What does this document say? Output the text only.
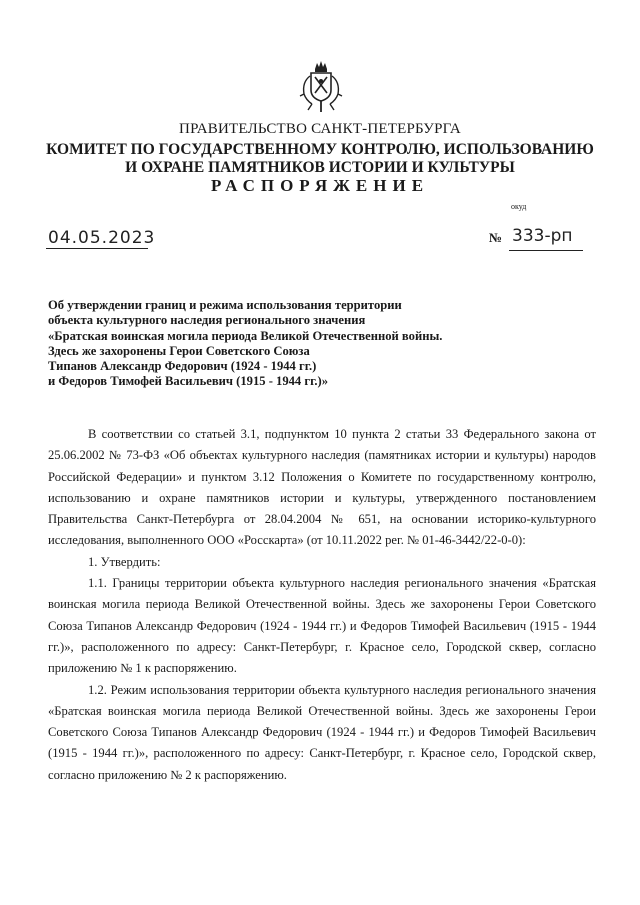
ПРАВИТЕЛЬСТВО САНКТ-ПЕТЕРБУРГА
КОМИТЕТ ПО ГОСУДАРСТВЕННОМУ КОНТРОЛЮ, ИСПОЛЬЗОВАНИЮ
И ОХРАНЕ ПАМЯТНИКОВ ИСТОРИИ И КУЛЬТУРЫ
РАСПОРЯЖЕНИЕ
окуд
04.05.2023	№ 333-рп
Об утверждении границ и режима использования территории
объекта культурного наследия регионального значения
«Братская воинская могила периода Великой Отечественной войны.
Здесь же захоронены Герои Советского Союза
Типанов Александр Федорович (1924 - 1944 гг.)
и Федоров Тимофей Васильевич (1915 - 1944 гг.)»

В соответствии со статьей 3.1, подпунктом 10 пункта 2 статьи 33 Федерального закона от 25.06.2002 № 73-ФЗ «Об объектах культурного наследия (памятниках истории и культуры) народов Российской Федерации» и пунктом 3.12 Положения о Комитете по государственному контролю, использованию и охране памятников истории и культуры, утвержденного постановлением Правительства Санкт-Петербурга от 28.04.2004 № 651, на основании историко-культурного исследования, выполненного ООО «Росскарта» (от 10.11.2022 рег. № 01-46-3442/22-0-0):

1. Утвердить:

1.1. Границы территории объекта культурного наследия регионального значения «Братская воинская могила периода Великой Отечественной войны. Здесь же захоронены Герои Советского Союза Типанов Александр Федорович (1924 - 1944 гг.) и Федоров Тимофей Васильевич (1915 - 1944 гг.)», расположенного по адресу: Санкт-Петербург, г. Красное село, Городской сквер, согласно приложению № 1 к распоряжению.

1.2. Режим использования территории объекта культурного наследия регионального значения «Братская воинская могила периода Великой Отечественной войны. Здесь же захоронены Герои Советского Союза Типанов Александр Федорович (1924 - 1944 гг.) и Федоров Тимофей Васильевич (1915 - 1944 гг.)», расположенного по адресу: Санкт-Петербург, г. Красное село, Городской сквер, согласно приложению № 2 к распоряжению.
